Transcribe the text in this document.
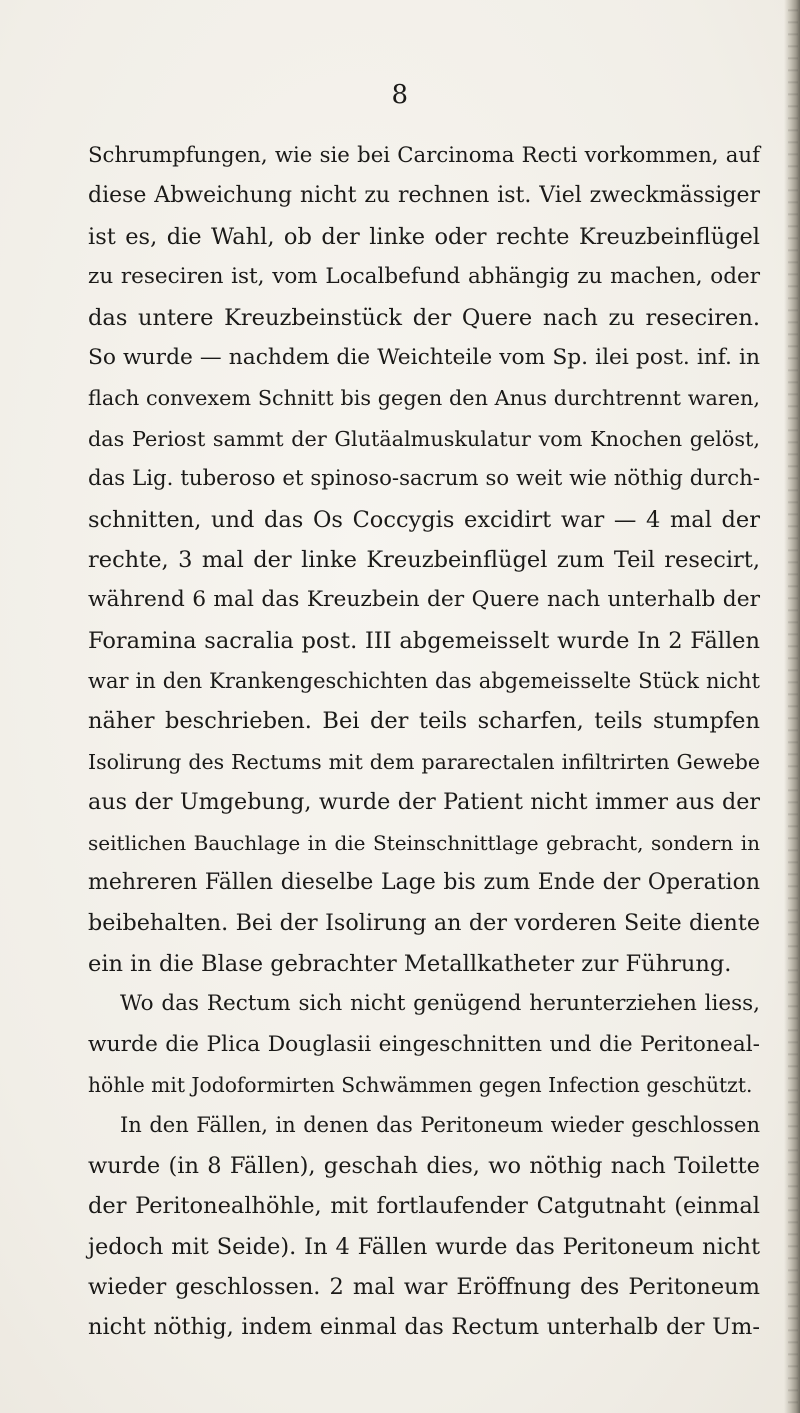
8
Schrumpfungen, wie sie bei Carcinoma Recti vorkommen, auf
diese Abweichung nicht zu rechnen ist. Viel zweckmässiger
ist es, die Wahl, ob der linke oder rechte Kreuzbeinflügel
zu reseciren ist, vom Localbefund abhängig zu machen, oder
das untere Kreuzbeinstück der Quere nach zu reseciren.
So wurde — nachdem die Weichteile vom Sp. ilei post. inf. in
flach convexem Schnitt bis gegen den Anus durchtrennt waren,
das Periost sammt der Glutäalmuskulatur vom Knochen gelöst,
das Lig. tuberoso et spinoso-sacrum so weit wie nöthig durch-
schnitten, und das Os Coccygis excidirt war — 4 mal der
rechte, 3 mal der linke Kreuzbeinflügel zum Teil resecirt,
während 6 mal das Kreuzbein der Quere nach unterhalb der
Foramina sacralia post. III abgemeisselt wurde In 2 Fällen
war in den Krankengeschichten das abgemeisselte Stück nicht
näher beschrieben. Bei der teils scharfen, teils stumpfen
Isolirung des Rectums mit dem pararectalen infiltrirten Gewebe
aus der Umgebung, wurde der Patient nicht immer aus der
seitlichen Bauchlage in die Steinschnittlage gebracht, sondern in
mehreren Fällen dieselbe Lage bis zum Ende der Operation
beibehalten. Bei der Isolirung an der vorderen Seite diente
ein in die Blase gebrachter Metallkatheter zur Führung.
Wo das Rectum sich nicht genügend herunterziehen liess,
wurde die Plica Douglasii eingeschnitten und die Peritoneal-
höhle mit Jodoformirten Schwämmen gegen Infection geschützt.
In den Fällen, in denen das Peritoneum wieder geschlossen
wurde (in 8 Fällen), geschah dies, wo nöthig nach Toilette
der Peritonealhöhle, mit fortlaufender Catgutnaht (einmal
jedoch mit Seide). In 4 Fällen wurde das Peritoneum nicht
wieder geschlossen. 2 mal war Eröffnung des Peritoneum
nicht nöthig, indem einmal das Rectum unterhalb der Um-
